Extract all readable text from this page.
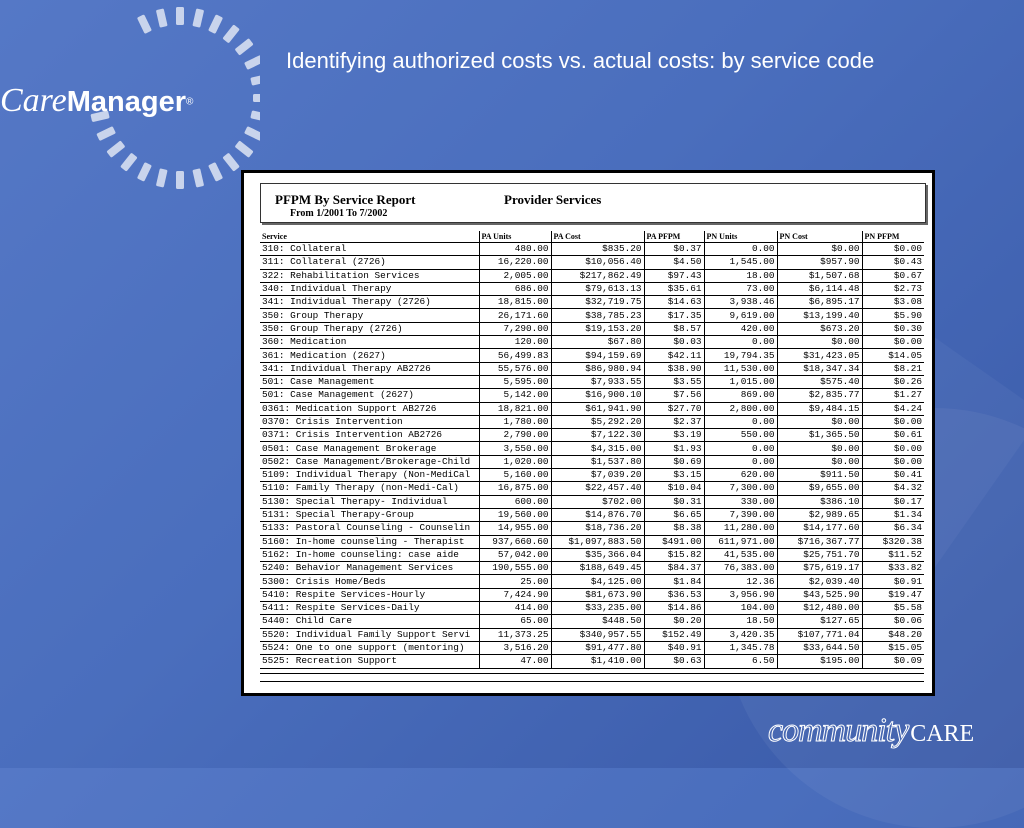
CareManager®
Identifying authorized costs vs. actual costs: by service code
PFPM By Service Report	Provider Services
From 1/2001 To 7/2002
Service	PA Units	PA Cost	PA PFPM	PN Units	PN Cost	PN PFPM
310: Collateral	480.00	$835.20	$0.37	0.00	$0.00	$0.00
311: Collateral (2726)	16,220.00	$10,056.40	$4.50	1,545.00	$957.90	$0.43
322: Rehabilitation Services	2,005.00	$217,862.49	$97.43	18.00	$1,507.68	$0.67
340: Individual Therapy	686.00	$79,613.13	$35.61	73.00	$6,114.48	$2.73
341: Individual Therapy (2726)	18,815.00	$32,719.75	$14.63	3,938.46	$6,895.17	$3.08
350: Group Therapy	26,171.60	$38,785.23	$17.35	9,619.00	$13,199.40	$5.90
350: Group Therapy (2726)	7,290.00	$19,153.20	$8.57	420.00	$673.20	$0.30
360: Medication	120.00	$67.80	$0.03	0.00	$0.00	$0.00
361: Medication (2627)	56,499.83	$94,159.69	$42.11	19,794.35	$31,423.05	$14.05
341: Individual Therapy AB2726	55,576.00	$86,980.94	$38.90	11,530.00	$18,347.34	$8.21
501: Case Management	5,595.00	$7,933.55	$3.55	1,015.00	$575.40	$0.26
501: Case Management (2627)	5,142.00	$16,900.10	$7.56	869.00	$2,835.77	$1.27
0361: Medication Support AB2726	18,821.00	$61,941.90	$27.70	2,800.00	$9,484.15	$4.24
0370: Crisis Intervention	1,780.00	$5,292.20	$2.37	0.00	$0.00	$0.00
0371: Crisis Intervention AB2726	2,790.00	$7,122.30	$3.19	550.00	$1,365.50	$0.61
0501: Case Management Brokerage	3,550.00	$4,315.00	$1.93	0.00	$0.00	$0.00
0502: Case Management/Brokerage-Child	1,020.00	$1,537.80	$0.69	0.00	$0.00	$0.00
5109: Individual Therapy (Non-MediCal	5,160.00	$7,039.20	$3.15	620.00	$911.50	$0.41
5110: Family Therapy (non-Medi-Cal)	16,875.00	$22,457.40	$10.04	7,300.00	$9,655.00	$4.32
5130: Special Therapy- Individual	600.00	$702.00	$0.31	330.00	$386.10	$0.17
5131: Special Therapy-Group	19,560.00	$14,876.70	$6.65	7,390.00	$2,989.65	$1.34
5133: Pastoral Counseling - Counselin	14,955.00	$18,736.20	$8.38	11,280.00	$14,177.60	$6.34
5160: In-home counseling - Therapist	937,660.60	$1,097,883.50	$491.00	611,971.00	$716,367.77	$320.38
5162: In-home counseling: case aide	57,042.00	$35,366.04	$15.82	41,535.00	$25,751.70	$11.52
5240: Behavior Management Services	190,555.00	$188,649.45	$84.37	76,383.00	$75,619.17	$33.82
5300: Crisis Home/Beds	25.00	$4,125.00	$1.84	12.36	$2,039.40	$0.91
5410: Respite Services-Hourly	7,424.90	$81,673.90	$36.53	3,956.90	$43,525.90	$19.47
5411: Respite Services-Daily	414.00	$33,235.00	$14.86	104.00	$12,480.00	$5.58
5440: Child Care	65.00	$448.50	$0.20	18.50	$127.65	$0.06
5520: Individual Family Support Servi	11,373.25	$340,957.55	$152.49	3,420.35	$107,771.04	$48.20
5524: One to one support (mentoring)	3,516.20	$91,477.80	$40.91	1,345.78	$33,644.50	$15.05
5525: Recreation Support	47.00	$1,410.00	$0.63	6.50	$195.00	$0.09
communityCARE
